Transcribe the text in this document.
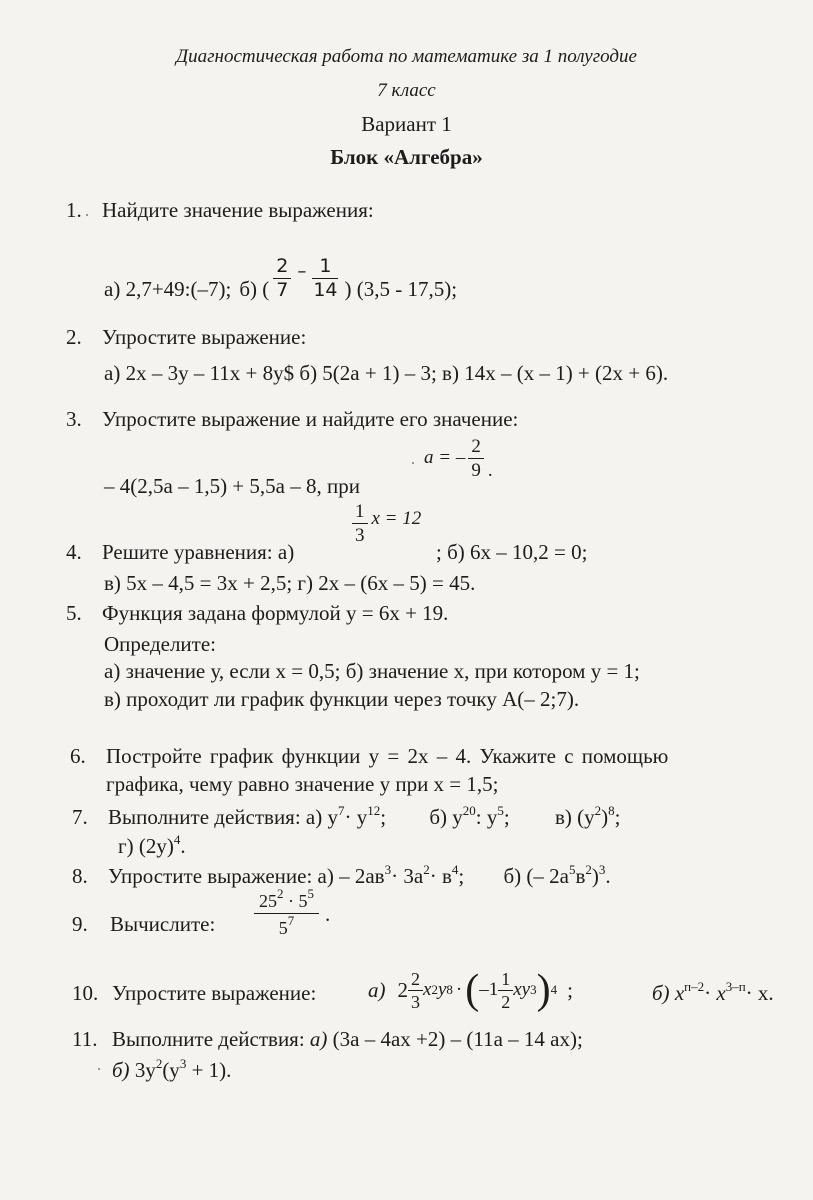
Диагностическая работа по математике за 1 полугодие
7 класс
Вариант 1
Блок «Алгебра»
1. Найдите значение выражения:
а) 2,7+49:(–7); б) ( $\frac{2}{7} - \frac{1}{14}$ ) (3,5 - 17,5);
2. Упростите выражение:
а) 2х – 3у – 11х + 8у$ б) 5(2а + 1) – 3; в) 14х – (х – 1) + (2х + 6).
3. Упростите выражение и найдите его значение:
– 4(2,5а – 1,5) + 5,5а – 8, при
a = – $\frac{2}{9}$ .
4. Решите уравнения: а)
$\frac{1}{3}$ x = 12
; б) 6х – 10,2 = 0;
в) 5х – 4,5 = 3х + 2,5; г) 2х – (6х – 5) = 45.
5. Функция задана формулой у = 6х + 19.
Определите:
а) значение у, если х = 0,5; б) значение х, при котором у = 1;
в) проходит ли график функции через точку А(– 2;7).
6. Постройте график функции у = 2х – 4. Укажите с помощью
графика, чему равно значение у при х = 1,5;
7. Выполните действия: а) $у^7\cdot у^{12}$; б) $у^{20}$: $у^5$; в) $(у^2)^8$;
г) $(2у)^4$.
8. Упростите выражение: $а) - 2ав^3\cdot 3а^2\cdot в^4$; б) (– $2а^5в^2)^3$.
9. Вычислите: $\frac{25^2 \cdot 5^5}{5^7}$ .
10. Упростите выражение: а) $2 \frac{2}{3}$ x 2 y 8 · ( $-1 \frac{1}{2}$ xy 3 ) 4 ;	б) $x^{п-2}\cdot x^{3-п}\cdot x$.
11. Выполните действия: а) (3a – 4ax +2) – (11a – 14 ax);
б) $3y^2(y^3 + 1)$.
